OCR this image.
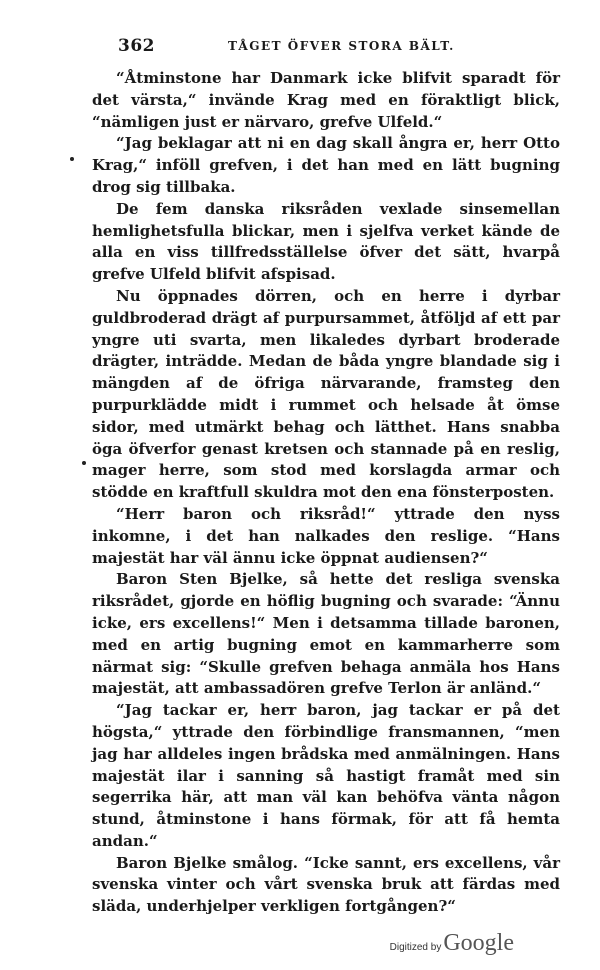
362	TÅGET ÖFVER STORA BÄLT.

“Åtminstone har Danmark icke blifvit sparadt för det värsta,“ invände Krag med en föraktligt blick, “nämligen just er närvaro, grefve Ulfeld.“

“Jag beklagar att ni en dag skall ångra er, herr Otto Krag,“ inföll grefven, i det han med en lätt bugning drog sig tillbaka.

De fem danska riksråden vexlade sinsemellan hemlighetsfulla blickar, men i sjelfva verket kände de alla en viss tillfredsställelse öfver det sätt, hvarpå grefve Ulfeld blifvit afspisad.

Nu öppnades dörren, och en herre i dyrbar guldbroderad drägt af purpursammet, åtföljd af ett par yngre uti svarta, men likaledes dyrbart broderade drägter, inträdde. Medan de båda yngre blandade sig i mängden af de öfriga närvarande, framsteg den purpurklädde midt i rummet och helsade åt ömse sidor, med utmärkt behag och lätthet. Hans snabba öga öfverfor genast kretsen och stannade på en reslig, mager herre, som stod med korslagda armar och stödde en kraftfull skuldra mot den ena fönsterposten.

“Herr baron och riksråd!“ yttrade den nyss inkomne, i det han nalkades den reslige. “Hans majestät har väl ännu icke öppnat audiensen?“

Baron Sten Bjelke, så hette det resliga svenska riksrådet, gjorde en höflig bugning och svarade: “Ännu icke, ers excellens!“ Men i detsamma tillade baronen, med en artig bugning emot en kammarherre som närmat sig: “Skulle grefven behaga anmäla hos Hans majestät, att ambassadören grefve Terlon är anländ.“

“Jag tackar er, herr baron, jag tackar er på det högsta,“ yttrade den förbindlige fransmannen, “men jag har alldeles ingen brådska med anmälningen. Hans majestät ilar i sanning så hastigt framåt med sin segerrika här, att man väl kan behöfva vänta någon stund, åtminstone i hans förmak, för att få hemta andan.“

Baron Bjelke smålog. “Icke sannt, ers excellens, vår svenska vinter och vårt svenska bruk att färdas med släda, underhjelper verkligen fortgången?“

Digitized by Google
